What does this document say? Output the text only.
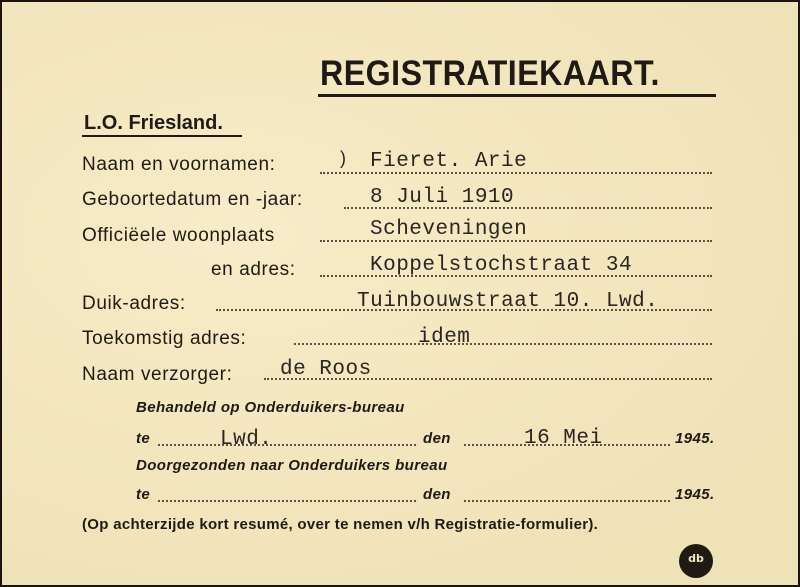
REGISTRATIEKAART.
L.O. Friesland.
Naam en voornamen:	) Fieret. Arie
Geboortedatum en -jaar:	8 Juli 1910
Officiëele woonplaats	Scheveningen
en adres:	Koppelstochstraat 34
Duik-adres:	Tuinbouwstraat 10. Lwd.
Toekomstig adres:	idem
Naam verzorger: de Roos
Behandeld op Onderduikers-bureau
te	Lwd.	den	16 Mei	1945.
Doorgezonden naar Onderduikers bureau
te	den	1945.
(Op achterzijde kort resumé, over te nemen v/h Registratie-formulier).
db
